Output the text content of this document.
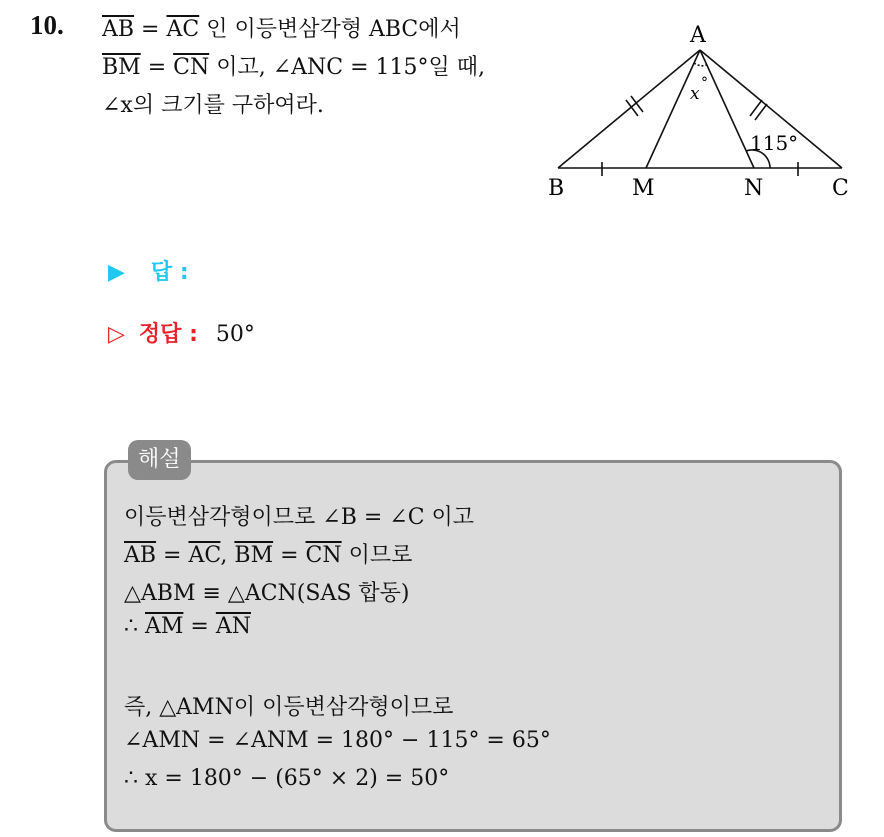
10. $\overline{AB} = \overline{AC}$ 인 이등변삼각형 ABC에서
$\overline{BM} = \overline{CN}$ 이고, ∠ANC = 115°일 때,
∠x의 크기를 구하여라.
A
B	M	N	C
x
°
115°
▶ 답 :
▷ 정답 : 50°
해설
이등변삼각형이므로 ∠B = ∠C 이고
$\overline{AB} = \overline{AC}$, $\overline{BM} = \overline{CN}$ 이므로
△ABM ≡ △ACN(SAS 합동)
∴ $\overline{AM} = \overline{AN}$
즉, △AMN이 이등변삼각형이므로
∠AMN = ∠ANM = 180° − 115° = 65°
∴ x = 180° − (65° × 2) = 50°
